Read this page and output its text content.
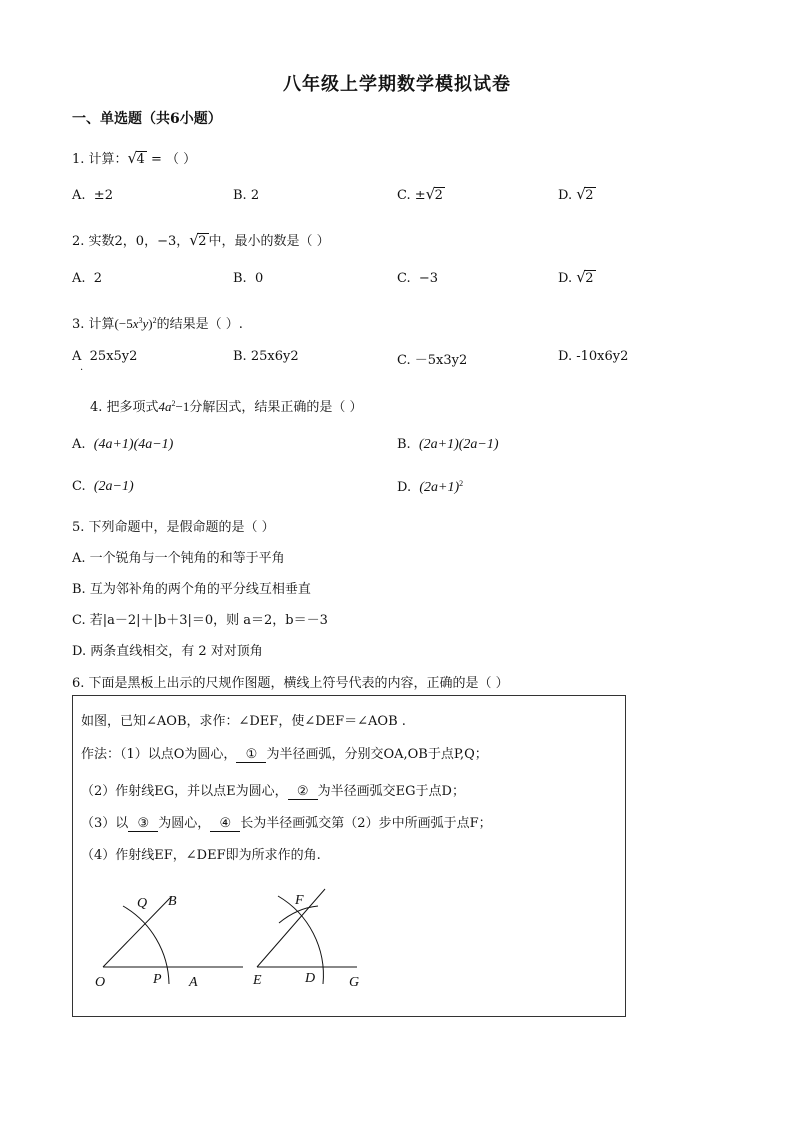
八年级上学期数学模拟试卷
一、单选题（共6小题）
1. 计算： √ 4 = （ ）
A. ±2	B. 2	C. ± √ 2	D. √ 2
2. 实数2，0，−3， √ 2 中，最小的数是（ ）
A. 2	B. 0	C. −3	D. √ 2
3. 计算$(-5x^3y)^2$的结果是（ ）.
A 25x5y2	B. 25x6y2	C. －5x3y2	D. -10x6y2
.
4. 把多项式$4a^2-1$分解因式，结果正确的是（ ）
A. (4a+1)(4a−1)	B. (2a+1)(2a−1)
C. (2a−1)	D. $(2a+1)^2$
5. 下列命题中，是假命题的是（ ）
A. 一个锐角与一个钝角的和等于平角
B. 互为邻补角的两个角的平分线互相垂直
C. 若|a－2|＋|b＋3|＝0，则 a＝2，b＝－3
D. 两条直线相交，有 2 对对顶角
6. 下面是黑板上出示的尺规作图题，横线上符号代表的内容，正确的是（ ）
如图，已知∠AOB，求作：∠DEF，使∠DEF＝∠AOB .
作法：（1）以点O为圆心， ① 为半径画弧，分别交OA,OB于点P,Q；
（2）作射线EG，并以点E为圆心， ② 为半径画弧交EG于点D；
（3）以 ③ 为圆心， ④ 长为半径画弧交第（2）步中所画弧于点F；
（4）作射线EF，∠DEF即为所求作的角.
O	P A
Q B
E	D G
F
